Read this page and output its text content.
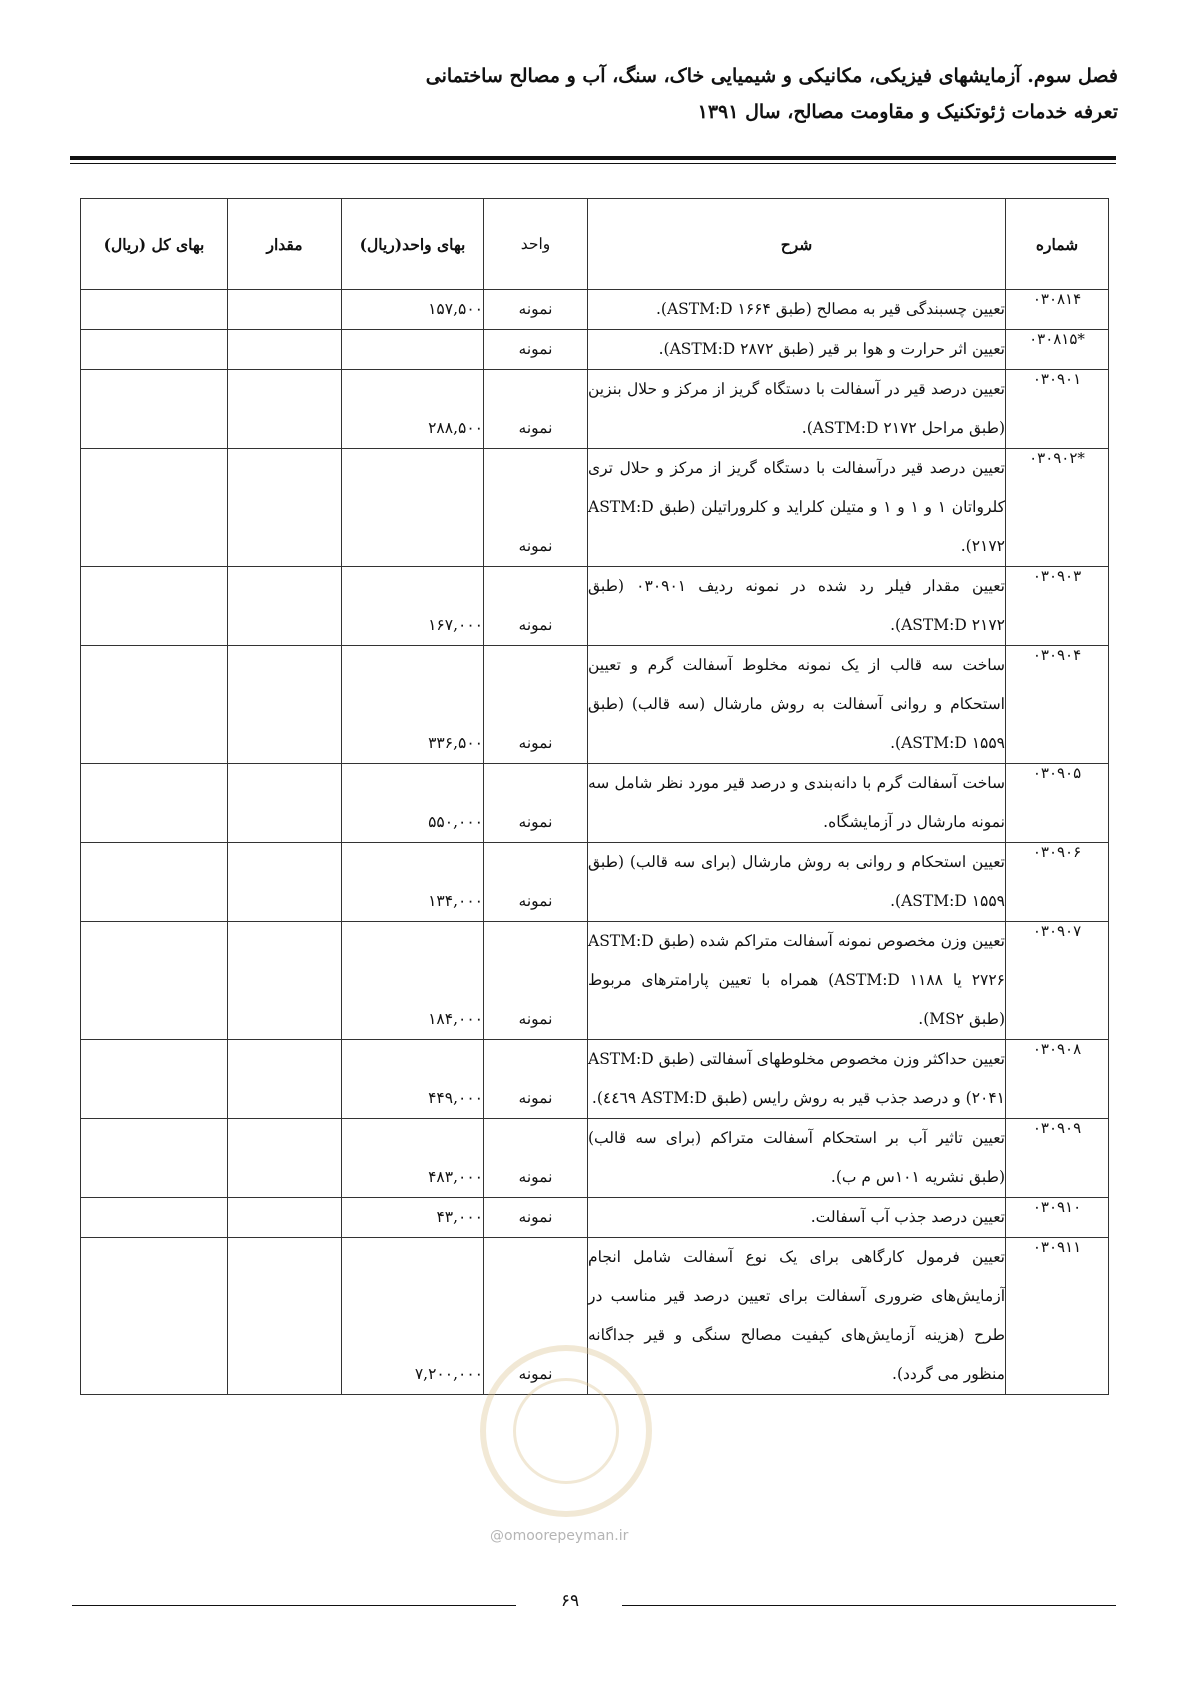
فصل سوم. آزمایشهای فیزیکی، مکانیکی و شیمیایی خاک، سنگ، آب و مصالح ساختمانی
تعرفه خدمات ژئوتکنیک و مقاومت مصالح، سال ۱۳۹۱
شماره	شرح	واحد	بهای واحد(ریال)	مقدار	بهای کل (ریال)
۰۳۰۸۱۴	تعیین چسبندگی قیر به مصالح (طبق ASTM:D ۱۶۶۴).	نمونه	۱۵۷,۵۰۰		
*۰۳۰۸۱۵	تعیین اثر حرارت و هوا بر قیر (طبق ASTM:D ۲۸۷۲).	نمونه			
۰۳۰۹۰۱	تعیین درصد قیر در آسفالت با دستگاه گریز از مرکز و حلال بنزین (طبق مراحل ASTM:D ۲۱۷۲).	نمونه	۲۸۸,۵۰۰		
*۰۳۰۹۰۲	تعیین درصد قیر درآسفالت با دستگاه گریز از مرکز و حلال تری کلرواتان ۱ و ۱ و ۱ و متیلن کلراید و کلروراتیلن (طبق ASTM:D ۲۱۷۲).	نمونه			
۰۳۰۹۰۳	تعیین مقدار فیلر رد شده در نمونه ردیف ۰۳۰۹۰۱ (طبق ASTM:D ۲۱۷۲).	نمونه	۱۶۷,۰۰۰		
۰۳۰۹۰۴	ساخت سه قالب از یک نمونه مخلوط آسفالت گرم و تعیین استحکام و روانی آسفالت به روش مارشال (سه قالب) (طبق ASTM:D ۱۵۵۹).	نمونه	۳۳۶,۵۰۰		
۰۳۰۹۰۵	ساخت آسفالت گرم با دانه‌بندی و درصد قیر مورد نظر شامل سه نمونه مارشال در آزمایشگاه.	نمونه	۵۵۰,۰۰۰		
۰۳۰۹۰۶	تعیین استحکام و روانی به روش مارشال (برای سه قالب) (طبق ASTM:D ۱۵۵۹).	نمونه	۱۳۴,۰۰۰		
۰۳۰۹۰۷	تعیین وزن مخصوص نمونه آسفالت متراکم شده (طبق ASTM:D ۲۷۲۶ یا ASTM:D ۱۱۸۸) همراه با تعیین پارامترهای مربوط (طبق MS۲).	نمونه	۱۸۴,۰۰۰		
۰۳۰۹۰۸	تعیین حداکثر وزن مخصوص مخلوطهای آسفالتی (طبق ASTM:D ۲۰۴۱) و درصد جذب قیر به روش رایس (طبق ASTM:D ٤٤٦٩).	نمونه	۴۴۹,۰۰۰		
۰۳۰۹۰۹	تعیین تاثیر آب بر استحکام آسفالت متراکم (برای سه قالب) (طبق نشریه ۱۰۱س م ب).	نمونه	۴۸۳,۰۰۰		
۰۳۰۹۱۰	تعیین درصد جذب آب آسفالت.	نمونه	۴۳,۰۰۰		
۰۳۰۹۱۱	تعیین فرمول کارگاهی برای یک نوع آسفالت شامل انجام آزمایش‌های ضروری آسفالت برای تعیین درصد قیر مناسب در طرح (هزینه آزمایش‌های کیفیت مصالح سنگی و قیر جداگانه منظور می گردد).	نمونه	۷,۲۰۰,۰۰۰		
@omoorepeyman.ir
۶۹
